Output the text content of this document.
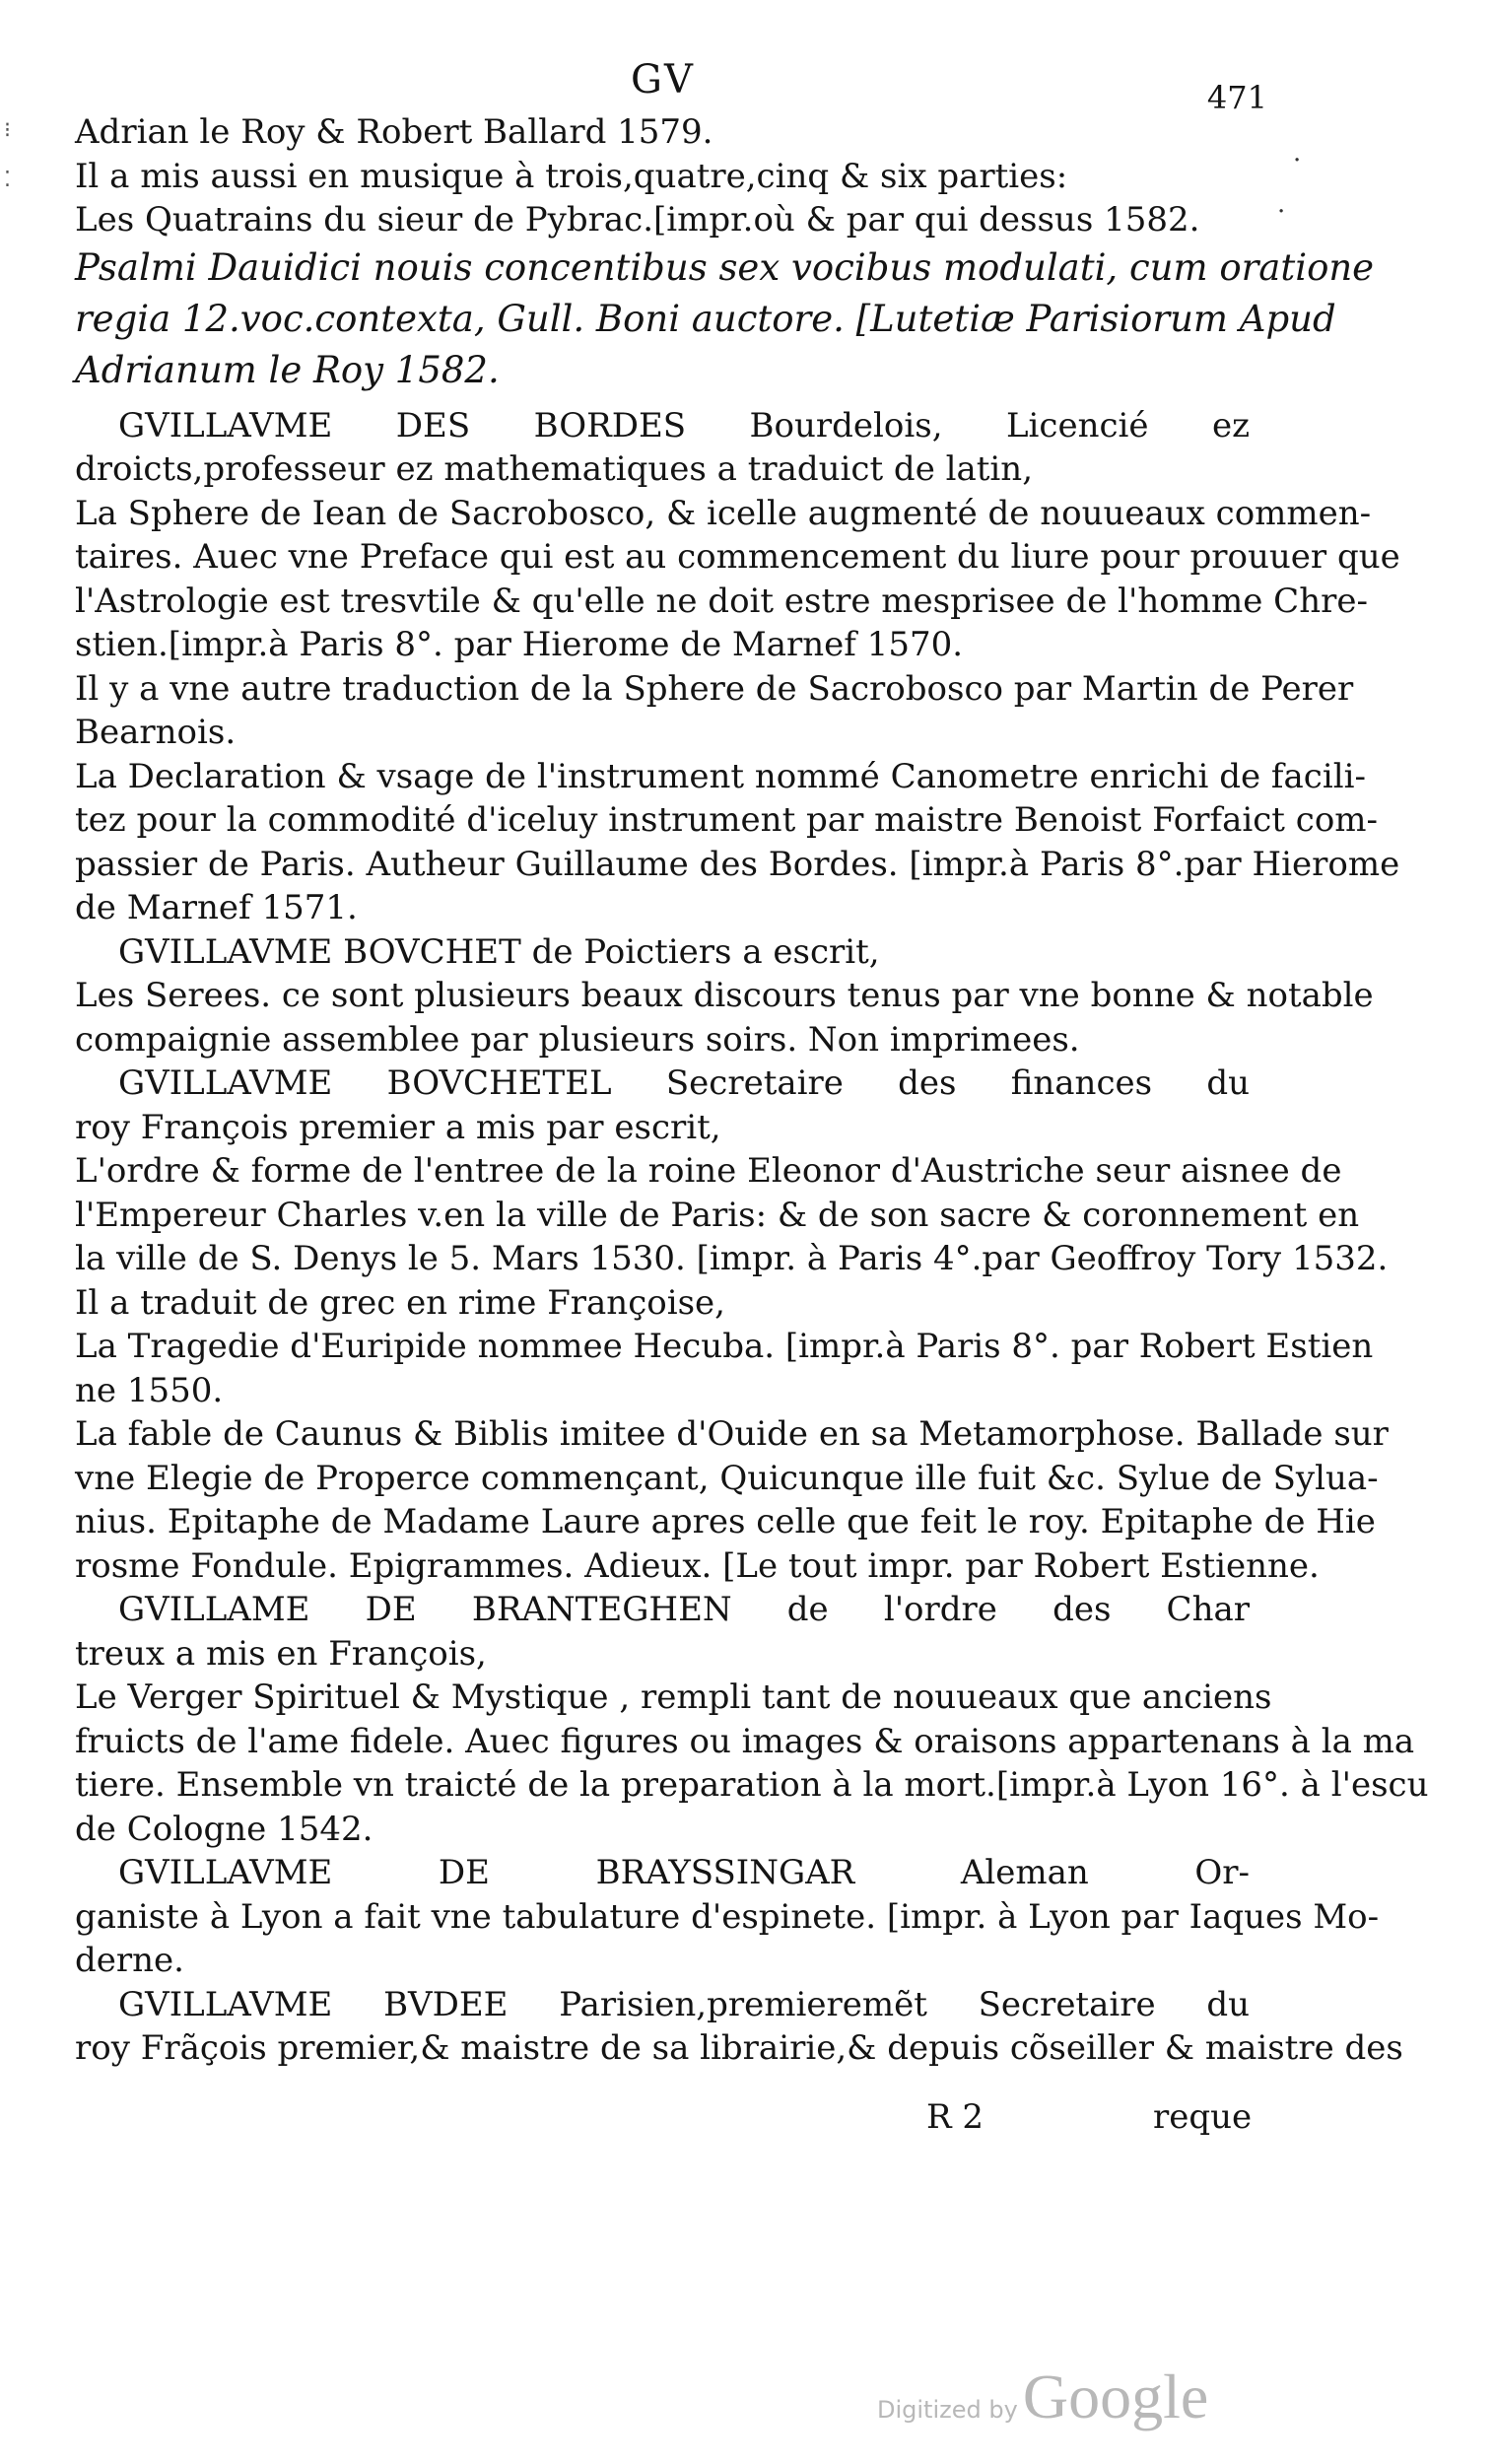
GV	471
⁝
⁚
·
·
Adrian le Roy & Robert Ballard 1579.
Il a mis aussi en musique à trois,quatre,cinq & six parties:
Les Quatrains du sieur de Pybrac.[impr.où & par qui dessus 1582.
Psalmi Dauidici nouis concentibus sex vocibus modulati, cum oratione
regia 12.voc.contexta, Gull. Boni auctore. [Lutetiæ Parisiorum Apud
Adrianum le Roy 1582.
GVILLAVME DES BORDES Bourdelois, Licencié ez
droicts,professeur ez mathematiques a traduict de latin,
La Sphere de Iean de Sacrobosco, & icelle augmenté de nouueaux commen-
taires. Auec vne Preface qui est au commencement du liure pour prouuer que
l'Astrologie est tresvtile & qu'elle ne doit estre mesprisee de l'homme Chre-
stien.[impr.à Paris 8°. par Hierome de Marnef 1570.
Il y a vne autre traduction de la Sphere de Sacrobosco par Martin de Perer
Bearnois.
La Declaration & vsage de l'instrument nommé Canometre enrichi de facili-
tez pour la commodité d'iceluy instrument par maistre Benoist Forfaict com-
passier de Paris. Autheur Guillaume des Bordes. [impr.à Paris 8°.par Hierome
de Marnef 1571.
GVILLAVME BOVCHET de Poictiers a escrit,
Les Serees. ce sont plusieurs beaux discours tenus par vne bonne & notable
compaignie assemblee par plusieurs soirs. Non imprimees.
GVILLAVME BOVCHETEL Secretaire des finances du
roy François premier a mis par escrit,
L'ordre & forme de l'entree de la roine Eleonor d'Austriche seur aisnee de
l'Empereur Charles v.en la ville de Paris: & de son sacre & coronnement en
la ville de S. Denys le 5. Mars 1530. [impr. à Paris 4°.par Geoffroy Tory 1532.
Il a traduit de grec en rime Françoise,
La Tragedie d'Euripide nommee Hecuba. [impr.à Paris 8°. par Robert Estien
ne 1550.
La fable de Caunus & Biblis imitee d'Ouide en sa Metamorphose. Ballade sur
vne Elegie de Properce commençant, Quicunque ille fuit &c. Sylue de Sylua-
nius. Epitaphe de Madame Laure apres celle que feit le roy. Epitaphe de Hie
rosme Fondule. Epigrammes. Adieux. [Le tout impr. par Robert Estienne.
GVILLAME DE BRANTEGHEN de l'ordre des Char
treux a mis en François,
Le Verger Spirituel & Mystique , rempli tant de nouueaux que anciens
fruicts de l'ame fidele. Auec figures ou images & oraisons appartenans à la ma
tiere. Ensemble vn traicté de la preparation à la mort.[impr.à Lyon 16°. à l'escu
de Cologne 1542.
GVILLAVME DE BRAYSSINGAR Aleman Or-
ganiste à Lyon a fait vne tabulature d'espinete. [impr. à Lyon par Iaques Mo-
derne.
GVILLAVME BVDEE Parisien,premieremẽt Secretaire du
roy Frãçois premier,& maistre de sa librairie,& depuis cõseiller & maistre des
R 2	reque
Digitized by Google
